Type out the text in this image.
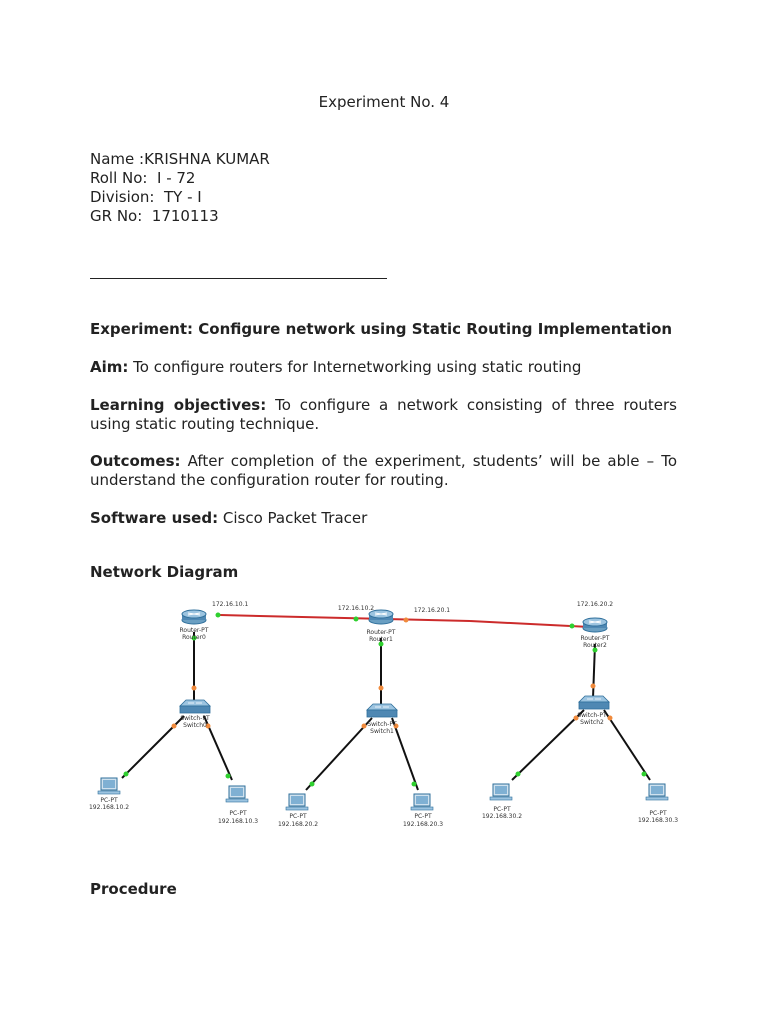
Experiment No. 4
Name :KRISHNA KUMAR
Roll No:  I - 72
Division:  TY - I
GR No:  1710113
Experiment: Configure network using Static Routing Implementation
Aim: To configure routers for Internetworking using static routing
Learning objectives: To configure a network consisting of three routers using static routing technique.
Outcomes: After completion of the experiment, students’ will be able – To understand the configuration router for routing.
Software used: Cisco Packet Tracer
Network Diagram
172.16.10.1
Router-PT
Router0
172.16.10.2	172.16.20.1
Router-PT
Router1
172.16.20.2
Router-PT
Router2
Switch-PT
Switch0	Switch-PT
Switch1
Switch-PT
Switch2
PC-PT
192.168.10.2
PC-PT
192.168.10.3
PC-PT
192.168.20.2
PC-PT
192.168.20.3
PC-PT
192.168.30.2	PC-PT
192.168.30.3
Procedure
